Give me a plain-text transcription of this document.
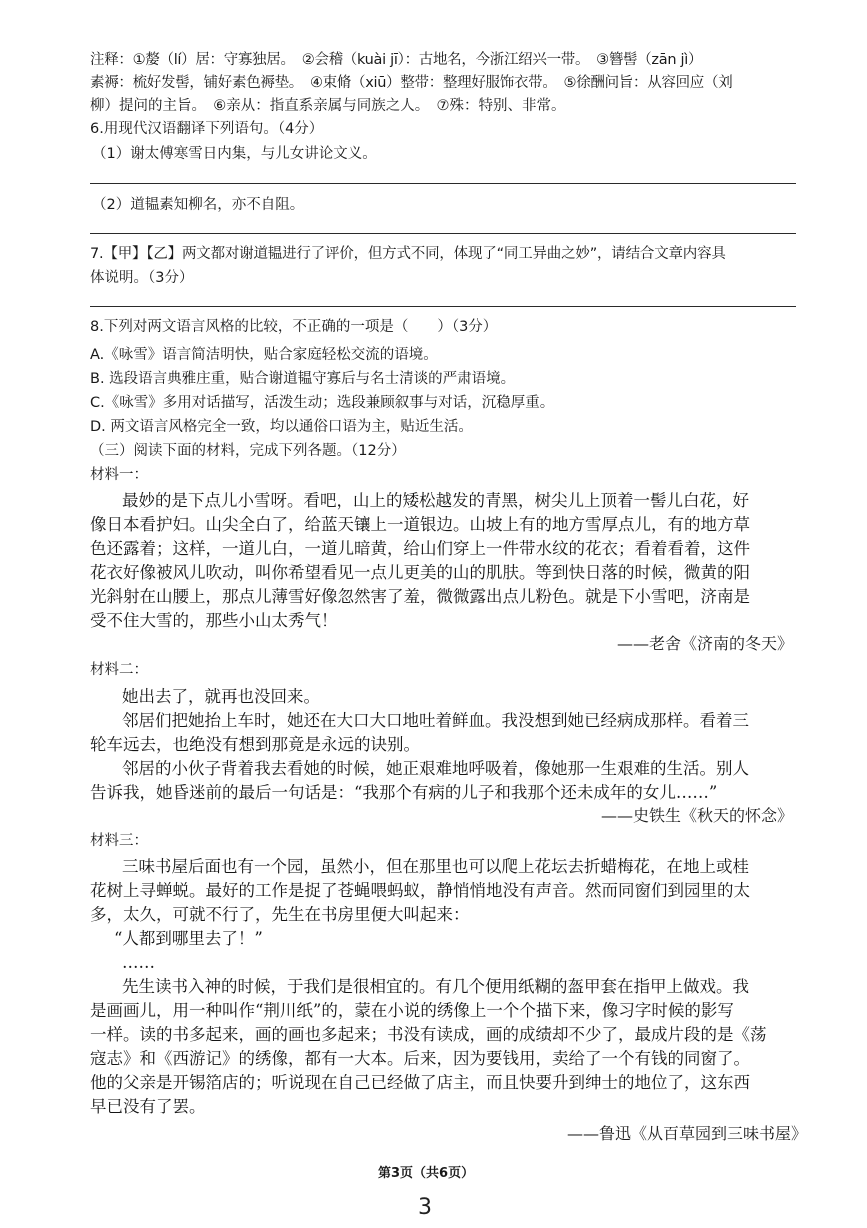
注释：①嫠（lí）居：守寡独居。　②会稽（kuài jī）：古地名，今浙江绍兴一带。　③簪髻（zān jì）
素褥：梳好发髻，铺好素色褥垫。　④束脩（xiū）整带：整理好服饰衣带。　⑤徐酬问旨：从容回应（刘
柳）提问的主旨。　⑥亲从：指直系亲属与同族之人。　⑦殊：特别、非常。
6.用现代汉语翻译下列语句。（4分）
（1）谢太傅寒雪日内集，与儿女讲论文义。
（2）道韫素知柳名，亦不自阻。
7.【甲】【乙】两文都对谢道韫进行了评价，但方式不同，体现了“同工异曲之妙”，请结合文章内容具
体说明。（3分）
8.下列对两文语言风格的比较，不正确的一项是（　　）（3分）
A.《咏雪》语言简洁明快，贴合家庭轻松交流的语境。
B. 选段语言典雅庄重，贴合谢道韫守寡后与名士清谈的严肃语境。
C.《咏雪》多用对话描写，活泼生动；选段兼顾叙事与对话，沉稳厚重。
D. 两文语言风格完全一致，均以通俗口语为主，贴近生活。
（三）阅读下面的材料，完成下列各题。（12分）
材料一：
最妙的是下点儿小雪呀。看吧，山上的矮松越发的青黑，树尖儿上顶着一髻儿白花，好
像日本看护妇。山尖全白了，给蓝天镶上一道银边。山坡上有的地方雪厚点儿，有的地方草
色还露着；这样，一道儿白，一道儿暗黄，给山们穿上一件带水纹的花衣；看着看着，这件
花衣好像被风儿吹动，叫你希望看见一点儿更美的山的肌肤。等到快日落的时候，微黄的阳
光斜射在山腰上，那点儿薄雪好像忽然害了羞，微微露出点儿粉色。就是下小雪吧，济南是
受不住大雪的，那些小山太秀气！
——老舍《济南的冬天》
材料二：
她出去了，就再也没回来。
邻居们把她抬上车时，她还在大口大口地吐着鲜血。我没想到她已经病成那样。看着三
轮车远去，也绝没有想到那竟是永远的诀别。
邻居的小伙子背着我去看她的时候，她正艰难地呼吸着，像她那一生艰难的生活。别人
告诉我，她昏迷前的最后一句话是：“我那个有病的儿子和我那个还未成年的女儿……”
——史铁生《秋天的怀念》
材料三：
三味书屋后面也有一个园，虽然小，但在那里也可以爬上花坛去折蜡梅花，在地上或桂
花树上寻蝉蜕。最好的工作是捉了苍蝇喂蚂蚁，静悄悄地没有声音。然而同窗们到园里的太
多，太久，可就不行了，先生在书房里便大叫起来：
“人都到哪里去了！”
……
先生读书入神的时候，于我们是很相宜的。有几个便用纸糊的盔甲套在指甲上做戏。我
是画画儿，用一种叫作“荆川纸”的，蒙在小说的绣像上一个个描下来，像习字时候的影写
一样。读的书多起来，画的画也多起来；书没有读成，画的成绩却不少了，最成片段的是《荡
寇志》和《西游记》的绣像，都有一大本。后来，因为要钱用，卖给了一个有钱的同窗了。
他的父亲是开锡箔店的；听说现在自己已经做了店主，而且快要升到绅士的地位了，这东西
早已没有了罢。
——鲁迅《从百草园到三味书屋》
第3页（共6页）
3
